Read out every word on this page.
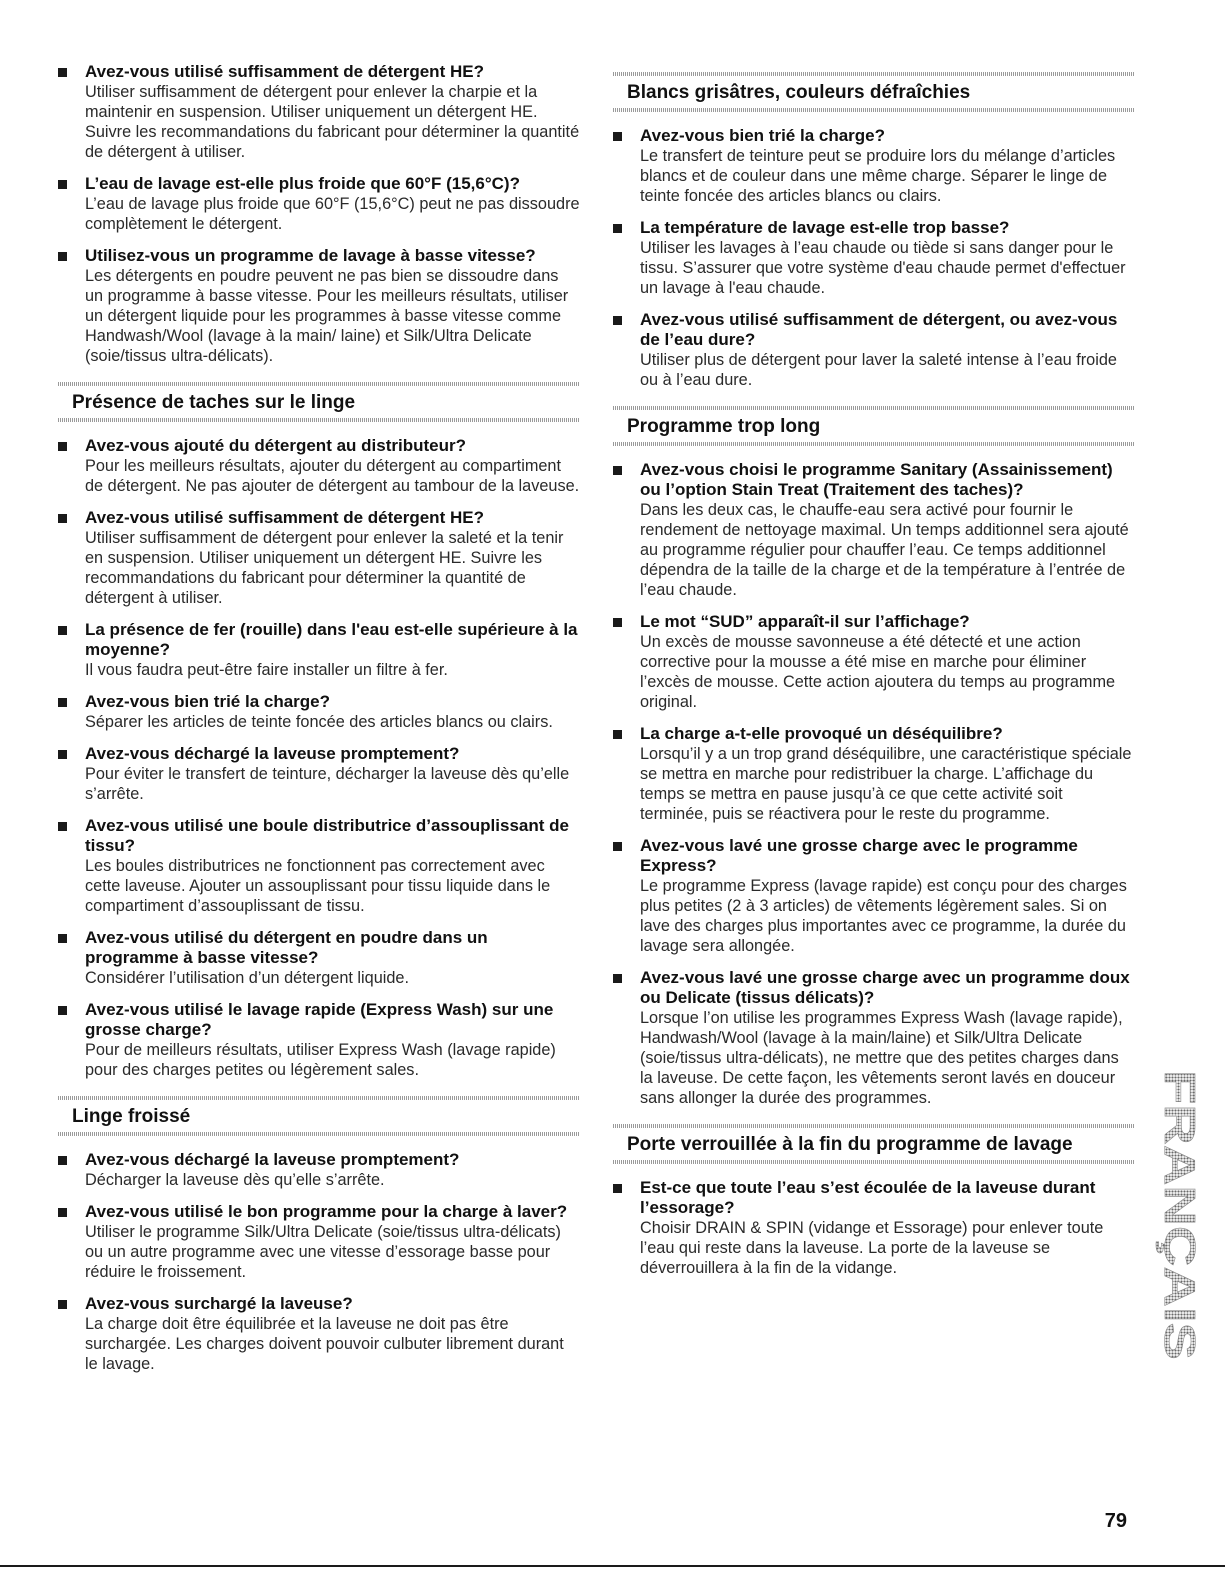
Avez-vous utilisé suffisamment de détergent HE?
Utiliser suffisamment de détergent pour enlever la charpie et la maintenir en suspension. Utiliser uniquement un détergent HE. Suivre les recommandations du fabricant pour déterminer la quantité de détergent à utiliser.
L’eau de lavage est-elle plus froide que 60°F (15,6°C)?
L’eau de lavage plus froide que 60°F (15,6°C) peut ne pas dissoudre complètement le détergent.
Utilisez-vous un programme de lavage à basse vitesse?
Les détergents en poudre peuvent ne pas bien se dissoudre dans un programme à basse vitesse. Pour les meilleurs résultats, utiliser un détergent liquide pour les programmes à basse vitesse comme Handwash/Wool (lavage à la main/ laine) et Silk/Ultra Delicate (soie/tissus ultra-délicats).
Présence de taches sur le linge
Avez-vous ajouté du détergent au distributeur?
Pour les meilleurs résultats, ajouter du détergent au compartiment de détergent. Ne pas ajouter de détergent au tambour de la laveuse.
Avez-vous utilisé suffisamment de détergent HE?
Utiliser suffisamment de détergent pour enlever la saleté et la tenir en suspension. Utiliser uniquement un détergent HE. Suivre les recommandations du fabricant pour déterminer la quantité de détergent à utiliser.
La présence de fer (rouille) dans l'eau est-elle supérieure à la moyenne?
Il vous faudra peut-être faire installer un filtre à fer.
Avez-vous bien trié la charge?
Séparer les articles de teinte foncée des articles blancs ou clairs.
Avez-vous déchargé la laveuse promptement?
Pour éviter le transfert de teinture, décharger la laveuse dès qu’elle s’arrête.
Avez-vous utilisé une boule distributrice d’assouplissant de tissu?
Les boules distributrices ne fonctionnent pas correctement avec cette laveuse. Ajouter un assouplissant pour tissu liquide dans le compartiment d’assouplissant de tissu.
Avez-vous utilisé du détergent en poudre dans un programme à basse vitesse?
Considérer l’utilisation d’un détergent liquide.
Avez-vous utilisé le lavage rapide (Express Wash) sur une grosse charge?
Pour de meilleurs résultats, utiliser Express Wash (lavage rapide) pour des charges petites ou légèrement sales.
Linge froissé
Avez-vous déchargé la laveuse promptement?
Décharger la laveuse dès qu’elle s’arrête.
Avez-vous utilisé le bon programme pour la charge à laver?
Utiliser le programme Silk/Ultra Delicate (soie/tissus ultra-délicats) ou un autre programme avec une vitesse d’essorage basse pour réduire le froissement.
Avez-vous surchargé la laveuse?
La charge doit être équilibrée et la laveuse ne doit pas être surchargée. Les charges doivent pouvoir culbuter librement durant le lavage.
Blancs grisâtres, couleurs défraîchies
Avez-vous bien trié la charge?
Le transfert de teinture peut se produire lors du mélange d’articles blancs et de couleur dans une même charge. Séparer le linge de teinte foncée des articles blancs ou clairs.
La température de lavage est-elle trop basse?
Utiliser les lavages à l’eau chaude ou tiède si sans danger pour le tissu. S’assurer que votre système d'eau chaude permet d'effectuer un lavage à l'eau chaude.
Avez-vous utilisé suffisamment de détergent, ou avez-vous de l’eau dure?
Utiliser plus de détergent pour laver la saleté intense à l’eau froide ou à l’eau dure.
Programme trop long
Avez-vous choisi le programme Sanitary (Assainissement) ou l’option Stain Treat (Traitement des taches)?
Dans les deux cas, le chauffe-eau sera activé pour fournir le rendement de nettoyage maximal. Un temps additionnel sera ajouté au programme régulier pour chauffer l’eau. Ce temps additionnel dépendra de la taille de la charge et de la température à l’entrée de l’eau chaude.
Le mot “SUD” apparaît-il sur l’affichage?
Un excès de mousse savonneuse a été détecté et une action corrective pour la mousse a été mise en marche pour éliminer l’excès de mousse. Cette action ajoutera du temps au programme original.
La charge a-t-elle provoqué un déséquilibre?
Lorsqu’il y a un trop grand déséquilibre, une caractéristique spéciale se mettra en marche pour redistribuer la charge. L’affichage du temps se mettra en pause jusqu’à ce que cette activité soit terminée, puis se réactivera pour le reste du programme.
Avez-vous lavé une grosse charge avec le programme Express?
Le programme Express (lavage rapide) est conçu pour des charges plus petites (2 à 3 articles) de vêtements légèrement sales. Si on lave des charges plus importantes avec ce programme, la durée du lavage sera allongée.
Avez-vous lavé une grosse charge avec un programme doux ou Delicate (tissus délicats)?
Lorsque l’on utilise les programmes Express Wash (lavage rapide), Handwash/Wool (lavage à la main/laine) et Silk/Ultra Delicate (soie/tissus ultra-délicats), ne mettre que des petites charges dans la laveuse. De cette façon, les vêtements seront lavés en douceur sans allonger la durée des programmes.
Porte verrouillée à la fin du programme de lavage
Est-ce que toute l’eau s’est écoulée de la laveuse durant l’essorage?
Choisir DRAIN & SPIN (vidange et Essorage) pour enlever toute l’eau qui reste dans la laveuse. La porte de la laveuse se déverrouillera à la fin de la vidange.	FRANÇAIS
79
